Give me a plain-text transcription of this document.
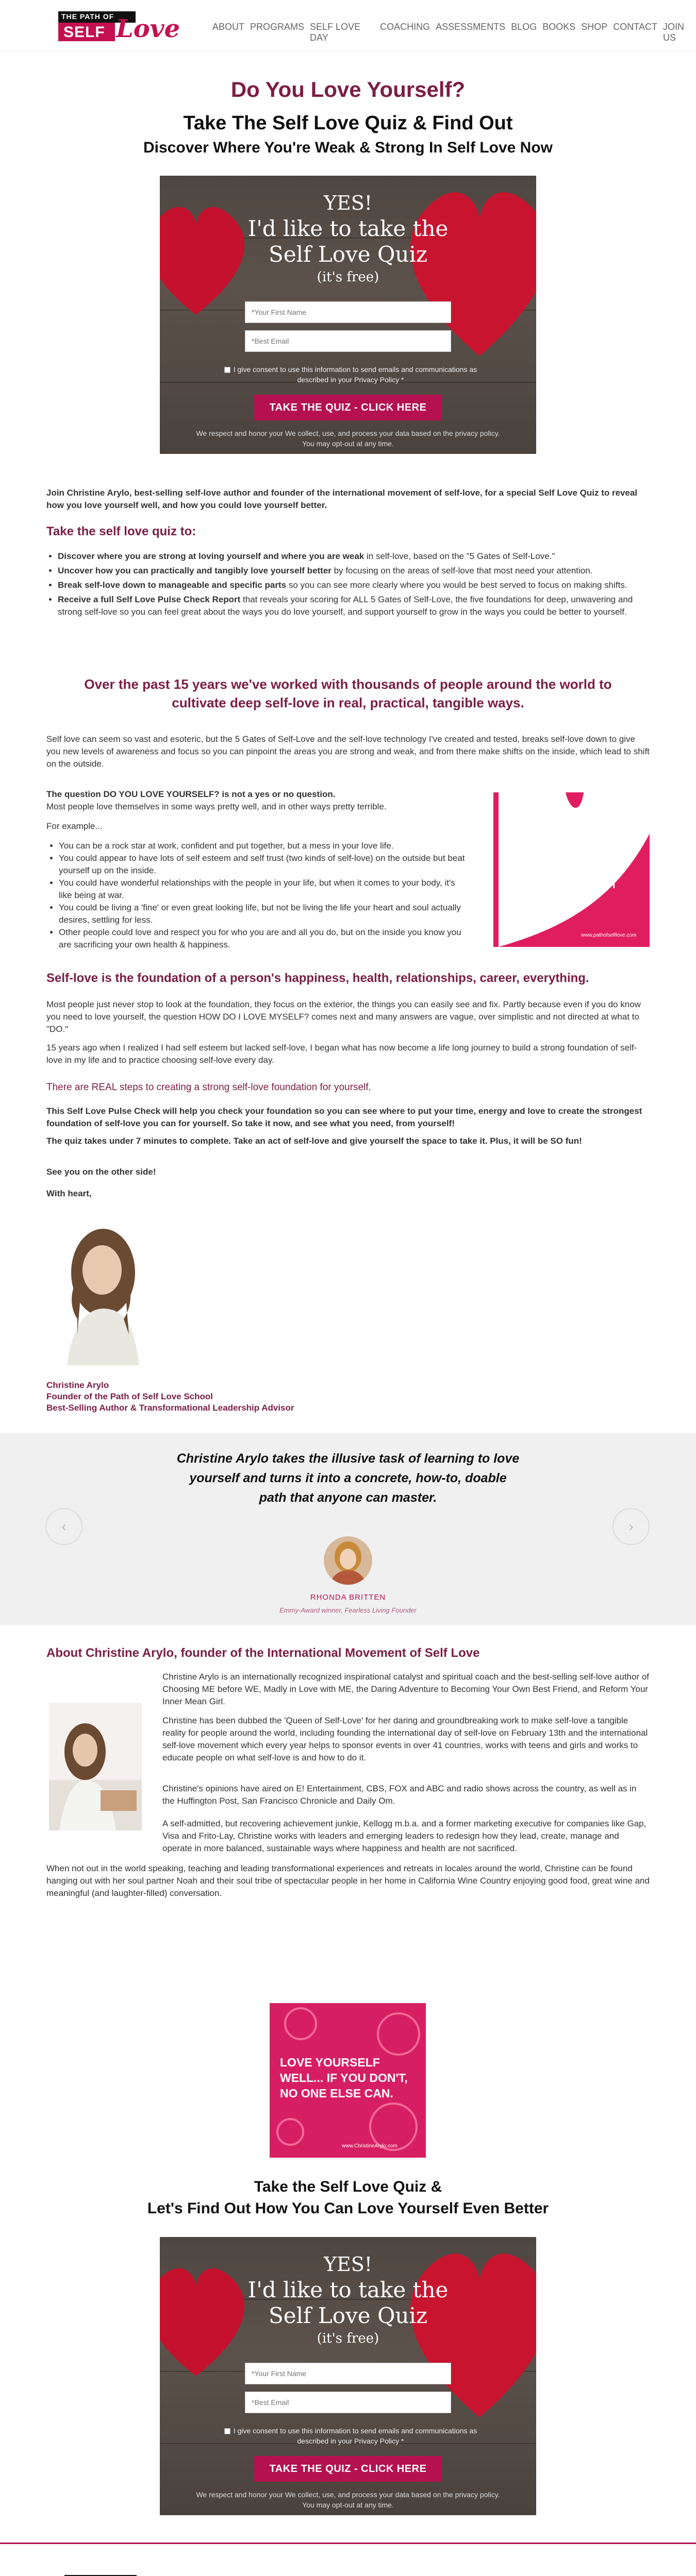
THE PATH OF
SELF Love	ABOUT PROGRAMS SELF LOVE DAY
COACHING ASSESSMENTS BLOG BOOKS SHOP CONTACT JOIN US
Do You Love Yourself?
Take The Self Love Quiz & Find Out
Discover Where You're Weak & Strong In Self Love Now
YES!
I'd like to take the
Self Love Quiz
(it's free)
*Your First Name
*Best Email
I give consent to use this information to send emails and communications as described in your Privacy Policy *
TAKE THE QUIZ - CLICK HERE
We respect and honor your We collect, use, and process your data based on the privacy policy. You may opt-out at any time.
Join Christine Arylo, best-selling self-love author and founder of the international movement of self-love, for a special Self Love Quiz to reveal how you love yourself well, and how you could love yourself better.
Take the self love quiz to:
• Discover where you are strong at loving yourself and where you are weak in self-love, based on the "5 Gates of Self-Love."
• Uncover how you can practically and tangibly love yourself better by focusing on the areas of self-love that most need your attention.
• Break self-love down to manageable and specific parts so you can see more clearly where you would be best served to focus on making shifts.
• Receive a full Self Love Pulse Check Report that reveals your scoring for ALL 5 Gates of Self-Love, the five foundations for deep, unwavering and strong self-love so you can feel great about the ways you do love yourself, and support yourself to grow in the ways you could be better to yourself.
Over the past 15 years we've worked with thousands of people around the world to cultivate deep self-love in real, practical, tangible ways.
Self love can seem so vast and esoteric, but the 5 Gates of Self-Love and the self-love technology I've created and tested, breaks self-love down to give you new levels of awareness and focus so you can pinpoint the areas you are strong and weak, and from there make shifts on the inside, which lead to shift on the outside.
The question DO YOU LOVE YOURSELF? is not a yes or no question.
Most people love themselves in some ways pretty well, and in other ways pretty terrible.
For example...
• You can be a rock star at work, confident and put together, but a mess in your love life.
• You could appear to have lots of self esteem and self trust (two kinds of self-love) on the outside but beat yourself up on the inside.
• You could have wonderful relationships with the people in your life, but when it comes to your body, it's like being at war.
• You could be living a 'fine' or even great looking life, but not be living the life your heart and soul actually desires, settling for less.
• Other people could love and respect you for who you are and all you do, but on the inside you know you are sacrificing your own health & happiness.
THE MOST IMPORTANT RELATIONSHIP IS THE ONE YOU HAVE WITH YOURSELF
www.pathofselflove.com
Self-love is the foundation of a person's happiness, health, relationships, career, everything.
Most people just never stop to look at the foundation, they focus on the exterior, the things you can easily see and fix. Partly because even if you do know you need to love yourself, the question HOW DO I LOVE MYSELF? comes next and many answers are vague, over simplistic and not directed at what to "DO."
15 years ago when I realized I had self esteem but lacked self-love, I began what has now become a life long journey to build a strong foundation of self-love in my life and to practice choosing self-love every day.
There are REAL steps to creating a strong self-love foundation for yourself.
This Self Love Pulse Check will help you check your foundation so you can see where to put your time, energy and love to create the strongest foundation of self-love you can for yourself. So take it now, and see what you need, from yourself!
The quiz takes under 7 minutes to complete. Take an act of self-love and give yourself the space to take it. Plus, it will be SO fun!
See you on the other side!
With heart,
Christine Arylo
Founder of the Path of Self Love School
Best-Selling Author & Transformational Leadership Advisor
Christine Arylo takes the illusive task of learning to love yourself and turns it into a concrete, how-to, doable path that anyone can master.
‹	›
RHONDA BRITTEN
Emmy-Award winner, Fearless Living Founder
About Christine Arylo, founder of the International Movement of Self Love
Christine Arylo is an internationally recognized inspirational catalyst and spiritual coach and the best-selling self-love author of Choosing ME before WE, Madly in Love with ME, the Daring Adventure to Becoming Your Own Best Friend, and Reform Your Inner Mean Girl.
Christine has been dubbed the 'Queen of Self-Love' for her daring and groundbreaking work to make self-love a tangible reality for people around the world, including founding the international day of self-love on February 13th and the international self-love movement which every year helps to sponsor events in over 41 countries, works with teens and girls and works to educate people on what self-love is and how to do it.
Christine's opinions have aired on E! Entertainment, CBS, FOX and ABC and radio shows across the country, as well as in the Huffington Post, San Francisco Chronicle and Daily Om.
A self-admitted, but recovering achievement junkie, Kellogg m.b.a. and a former marketing executive for companies like Gap, Visa and Frito-Lay, Christine works with leaders and emerging leaders to redesign how they lead, create, manage and operate in more balanced, sustainable ways where happiness and health are not sacrificed.
When not out in the world speaking, teaching and leading transformational experiences and retreats in locales around the world, Christine can be found hanging out with her soul partner Noah and their soul tribe of spectacular people in her home in California Wine Country enjoying good food, great wine and meaningful (and laughter-filled) conversation.
LOVE YOURSELF WELL... IF YOU DON'T, NO ONE ELSE CAN.
www.ChristineArylo.com
Take the Self Love Quiz &
Let's Find Out How You Can Love Yourself Even Better
YES!
I'd like to take the
Self Love Quiz
(it's free)
*Your First Name
*Best Email
I give consent to use this information to send emails and communications as described in your Privacy Policy *
TAKE THE QUIZ - CLICK HERE
We respect and honor your We collect, use, and process your data based on the privacy policy. You may opt-out at any time.
